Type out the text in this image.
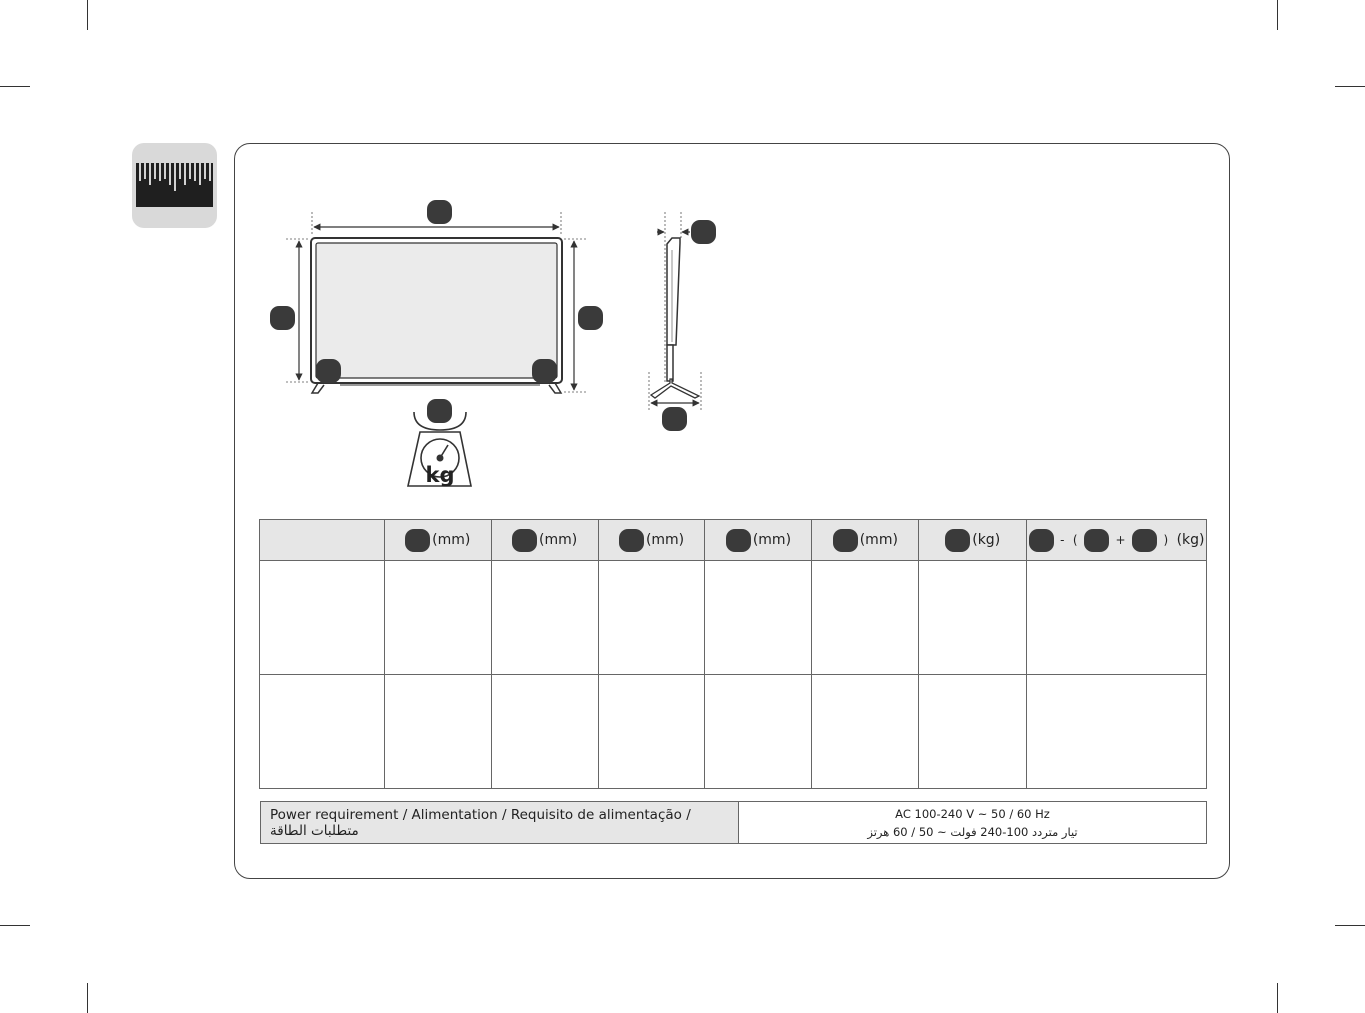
kg
	(mm)	(mm)	(mm)	(mm)	(mm)	(kg)	- ( + ) (kg)

Power requirement / Alimentation / Requisito de alimentação / متطلبات الطاقة
AC 100-240 V ~ 50 / 60 Hz
تيار متردد 100-240 فولت ~ 50 / 60 هرتز
